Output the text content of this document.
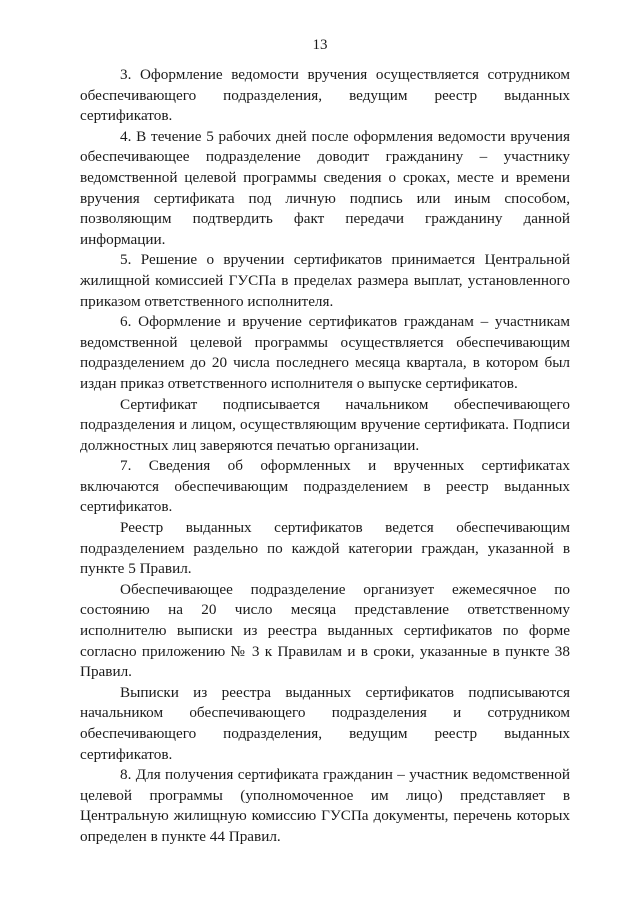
13

3. Оформление ведомости вручения осуществляется сотрудником обеспечивающего подразделения, ведущим реестр выданных сертификатов.

4. В течение 5 рабочих дней после оформления ведомости вручения обеспечивающее подразделение доводит гражданину – участнику ведомственной целевой программы сведения о сроках, месте и времени вручения сертификата под личную подпись или иным способом, позволяющим подтвердить факт передачи гражданину данной информации.

5. Решение о вручении сертификатов принимается Центральной жилищной комиссией ГУСПа в пределах размера выплат, установленного приказом ответственного исполнителя.

6. Оформление и вручение сертификатов гражданам – участникам ведомственной целевой программы осуществляется обеспечивающим подразделением до 20 числа последнего месяца квартала, в котором был издан приказ ответственного исполнителя о выпуске сертификатов.

Сертификат подписывается начальником обеспечивающего подразделения и лицом, осуществляющим вручение сертификата. Подписи должностных лиц заверяются печатью организации.

7. Сведения об оформленных и врученных сертификатах включаются обеспечивающим подразделением в реестр выданных сертификатов.

Реестр выданных сертификатов ведется обеспечивающим подразделением раздельно по каждой категории граждан, указанной в пункте 5 Правил.

Обеспечивающее подразделение организует ежемесячное по состоянию на 20 число месяца представление ответственному исполнителю выписки из реестра выданных сертификатов по форме согласно приложению № 3 к Правилам и в сроки, указанные в пункте 38 Правил.

Выписки из реестра выданных сертификатов подписываются начальником обеспечивающего подразделения и сотрудником обеспечивающего подразделения, ведущим реестр выданных сертификатов.

8. Для получения сертификата гражданин – участник ведомственной целевой программы (уполномоченное им лицо) представляет в Центральную жилищную комиссию ГУСПа документы, перечень которых определен в пункте 44 Правил.
